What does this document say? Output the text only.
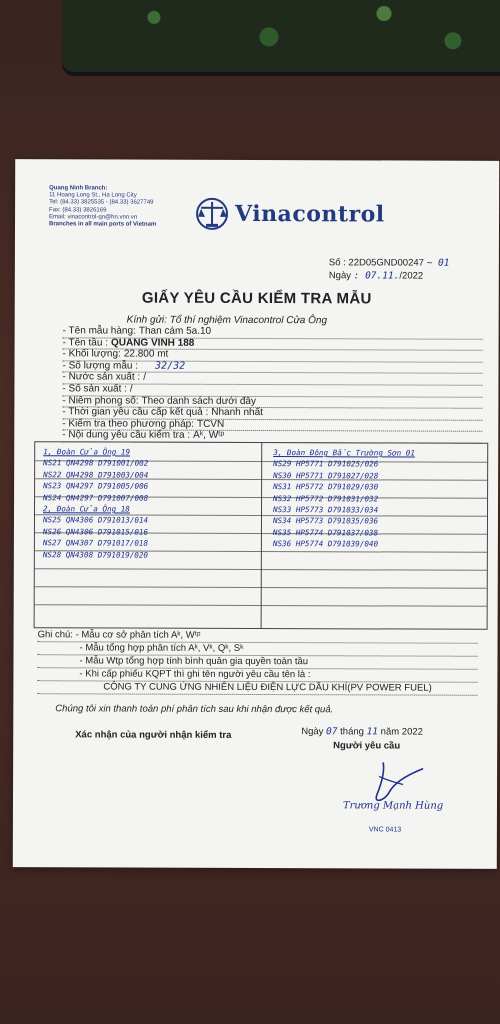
Quang Ninh Branch:
11 Hoang Long St., Ha Long City
Tel: (84.33) 3825535 - (84.33) 3627749
Fax: (84.33) 3826169
Email: vinacontrol-qn@hn.vnn.vn
Branches in all main ports of Vietnam	Vinacontrol
Số : 22D05GND00247 ~ 01
Ngày : 07.11./2022
GIẤY YÊU CẦU KIỂM TRA MẪU
Kính gửi: Tổ thí nghiệm Vinacontrol Cửa Ông
- Tên mẫu hàng: Than cám 5a.10
- Tên tầu : QUANG VINH 188
- Khối lượng: 22.800 mt
- Số lượng mẫu : 32/32
- Nước sản xuất : /
- Số sản xuất : /
- Niêm phong số: Theo danh sách dưới đây
- Thời gian yêu cầu cấp kết quả : Nhanh nhất
- Kiểm tra theo phương pháp: TCVN
- Nội dung yêu cầu kiểm tra : Aᵏ, Wᵗᵖ
1, Đoàn Cửa Ông 19
NS21 QN4298 D791001/002
NS22 QN4298 D791003/004
NS23 QN4297 D791005/006
NS24 QN4297 D791007/008
2, Đoàn Cửa Ông 18
NS25 QN4306 D791013/014
NS26 QN4306 D791015/016
NS27 QN4307 D791017/018
NS28 QN4308 D791019/020
3, Đoàn Đông Bắc Trường Sơn 01
NS29 HP5771 D791025/026
NS30 HP5771 D791027/028
NS31 HP5772 D791029/030
NS32 HP5772 D791031/032
NS33 HP5773 D791033/034
NS34 HP5773 D791035/036
NS35 HP5774 D791037/038
NS36 HP5774 D791039/040
Ghi chú: - Mẫu cơ sở phân tích Aᵏ, Wᵗᵖ
- Mẫu tổng hợp phân tích Aᵏ, Vᵏ, Qᵏ, Sᵏ
- Mẫu Wtp tổng hợp tính bình quân gia quyền toàn tầu
- Khi cấp phiếu KQPT thì ghi tên người yêu cầu tên là :
CÔNG TY CUNG ỨNG NHIÊN LIỆU ĐIỆN LỰC DẦU KHÍ(PV POWER FUEL)
Chúng tôi xin thanh toán phí phân tích sau khi nhận được kết quả.
Xác nhận của người nhận kiểm tra	Ngày 07 tháng 11 năm 2022
Người yêu cầu
Trương Mạnh Hùng
VNC 0413
